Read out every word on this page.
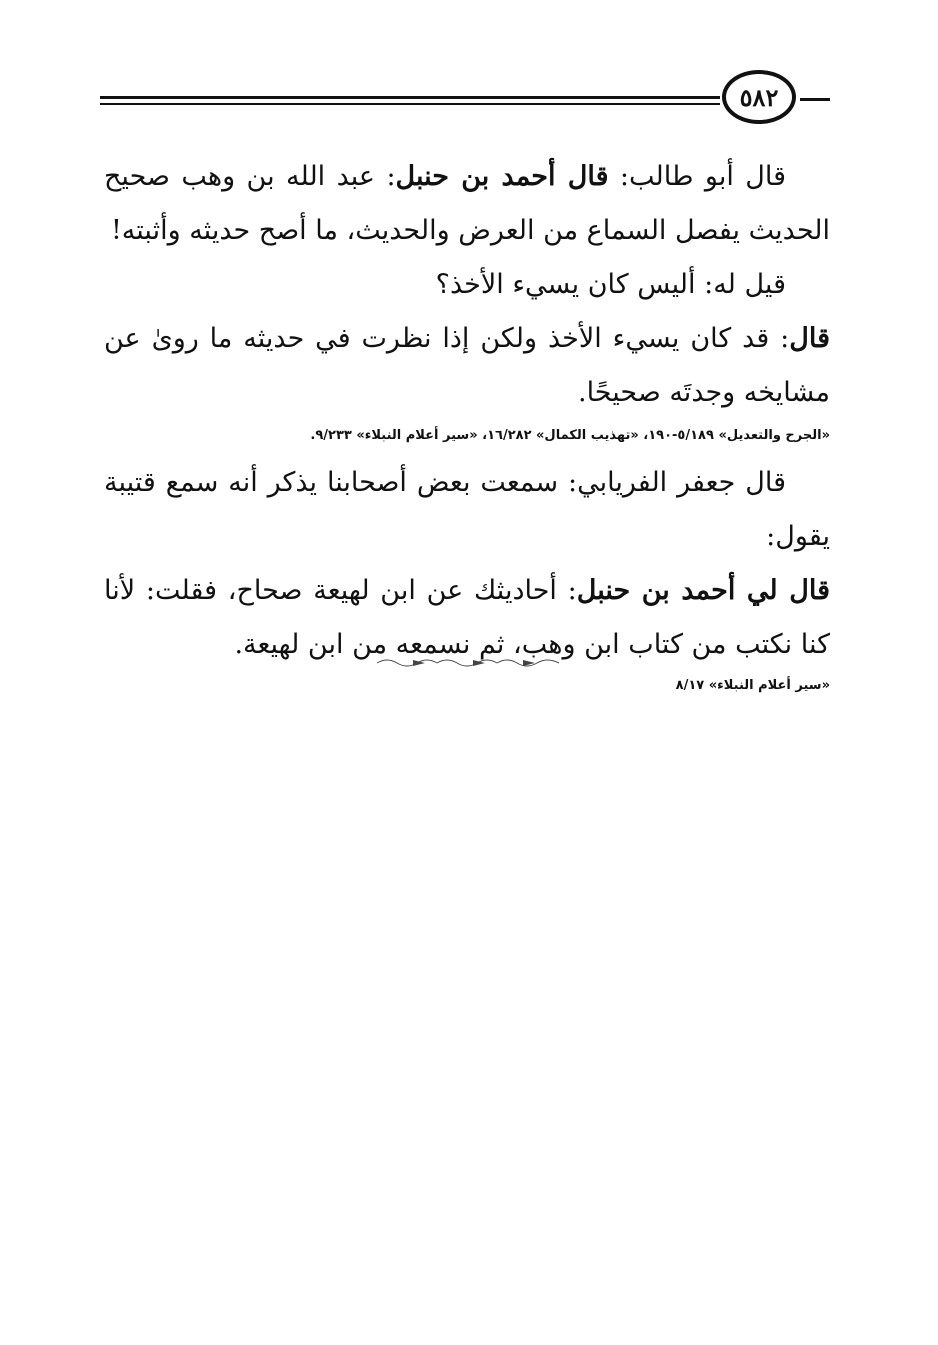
٥٨٢

قال أبو طالب: قال أحمد بن حنبل: عبد الله بن وهب صحيح الحديث يفصل السماع من العرض والحديث، ما أصح حديثه وأثبته!

قيل له: أليس كان يسيء الأخذ؟

قال: قد كان يسيء الأخذ ولكن إذا نظرت في حديثه ما روىٰ عن مشايخه وجدتَه صحيحًا.

«الجرح والتعديل» ٥/١٨٩-١٩٠، «تهذيب الكمال» ١٦/٢٨٢، «سير أعلام النبلاء» ٩/٢٣٣.

قال جعفر الفريابي: سمعت بعض أصحابنا يذكر أنه سمع قتيبة يقول:

قال لي أحمد بن حنبل: أحاديثك عن ابن لهيعة صحاح، فقلت: لأنا كنا نكتب من كتاب ابن وهب، ثم نسمعه من ابن لهيعة.

«سير أعلام النبلاء» ٨/١٧
